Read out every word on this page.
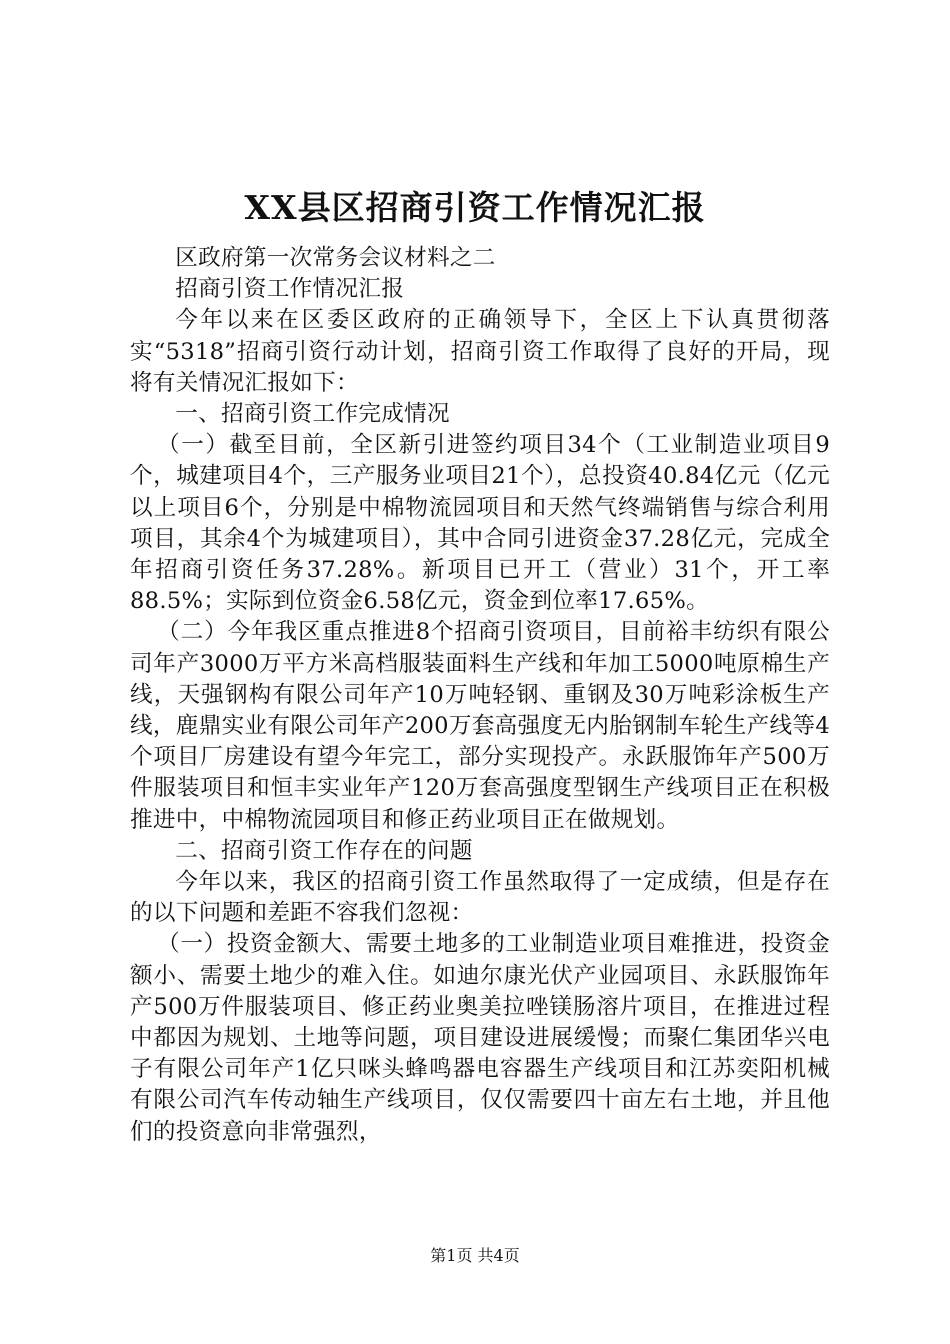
XX县区招商引资工作情况汇报

区政府第一次常务会议材料之二

招商引资工作情况汇报

今年以来在区委区政府的正确领导下，全区上下认真贯彻落实“5318”招商引资行动计划，招商引资工作取得了良好的开局，现将有关情况汇报如下：

一、招商引资工作完成情况

（一）截至目前，全区新引进签约项目34个（工业制造业项目9个，城建项目4个，三产服务业项目21个），总投资40.84亿元（亿元以上项目6个，分别是中棉物流园项目和天然气终端销售与综合利用项目，其余4个为城建项目），其中合同引进资金37.28亿元，完成全年招商引资任务37.28%。新项目已开工（营业）31个，开工率88.5%；实际到位资金6.58亿元，资金到位率17.65%。

（二）今年我区重点推进8个招商引资项目，目前裕丰纺织有限公司年产3000万平方米高档服装面料生产线和年加工5000吨原棉生产线，天强钢构有限公司年产10万吨轻钢、重钢及30万吨彩涂板生产线，鹿鼎实业有限公司年产200万套高强度无内胎钢制车轮生产线等4个项目厂房建设有望今年完工，部分实现投产。永跃服饰年产500万件服装项目和恒丰实业年产120万套高强度型钢生产线项目正在积极推进中，中棉物流园项目和修正药业项目正在做规划。

二、招商引资工作存在的问题

今年以来，我区的招商引资工作虽然取得了一定成绩，但是存在的以下问题和差距不容我们忽视：

（一）投资金额大、需要土地多的工业制造业项目难推进，投资金额小、需要土地少的难入住。如迪尔康光伏产业园项目、永跃服饰年产500万件服装项目、修正药业奥美拉唑镁肠溶片项目，在推进过程中都因为规划、土地等问题，项目建设进展缓慢；而聚仁集团华兴电子有限公司年产1亿只咪头蜂鸣器电容器生产线项目和江苏奕阳机械有限公司汽车传动轴生产线项目，仅仅需要四十亩左右土地，并且他们的投资意向非常强烈，

第1页 共4页
